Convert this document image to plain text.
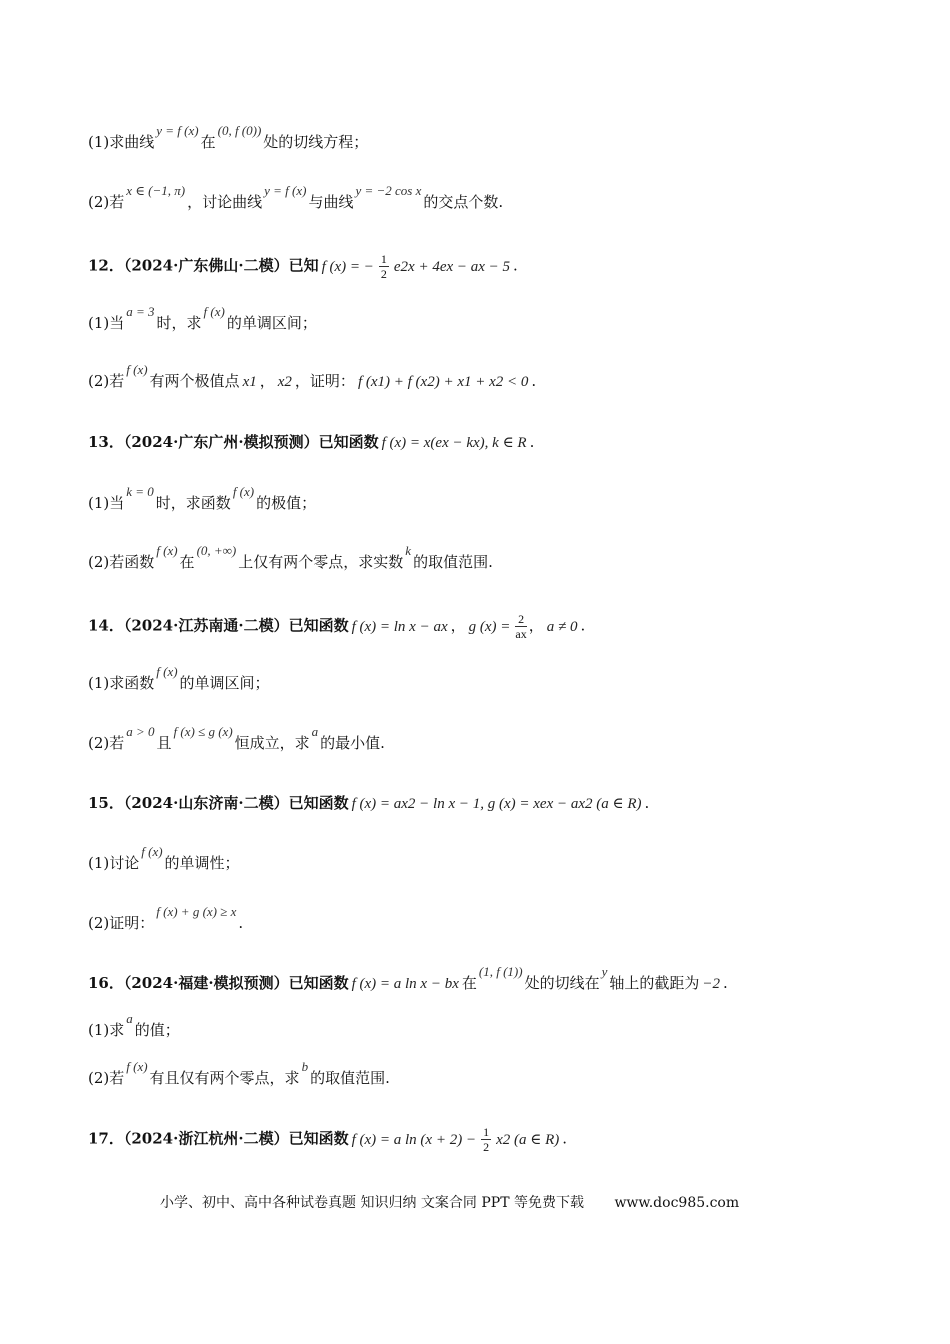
(1)求曲线y = f (x)在(0, f (0))处的切线方程；
(2)若x ∈ (−1, π)，讨论曲线y = f (x)与曲线y = −2 cos x的交点个数.
12．（2024·广东佛山·二模）已知 f (x) = − $\frac{1}{2} e2x + 4ex$ − ax − 5 .
(1)当a = 3时，求f (x)的单调区间；
(2)若f (x)有两个极值点 x1 ， x2 ，证明： f (x1) + f (x2) + x1 + x2 < 0 .
13．（2024·广东广州·模拟预测）已知函数 f (x) = x(ex − kx), k ∈ R .
(1)当k = 0时，求函数f (x)的极值；
(2)若函数f (x)在(0, +∞)上仅有两个零点，求实数k的取值范围.
14．（2024·江苏南通·二模）已知函数 f (x) = ln x − ax ， g $(x) = \frac{2}{ax}$ ， a ≠ 0 .
(1)求函数f (x)的单调区间；
(2)若a > 0且f (x) ≤ g (x)恒成立，求a的最小值.
15．（2024·山东济南·二模）已知函数 f (x) = ax2 − ln x − 1, g (x) = xex − ax2 (a ∈ R) .
(1)讨论f (x)的单调性；
(2)证明：f (x) + g (x) ≥ x.
16．（2024·福建·模拟预测）已知函数 f (x) = a ln x − bx 在(1, f (1))处的切线在y轴上的截距为 −2 .
(1)求a的值；
(2)若f (x)有且仅有两个零点，求b的取值范围.
17．（2024·浙江杭州·二模）已知函数 f (x) = a $\ln (x + 2) - \frac{1}{2} x2$ (a ∈ R) .
小学、初中、高中各种试卷真题 知识归纳 文案合同 PPT 等免费下载 www.doc985.com
